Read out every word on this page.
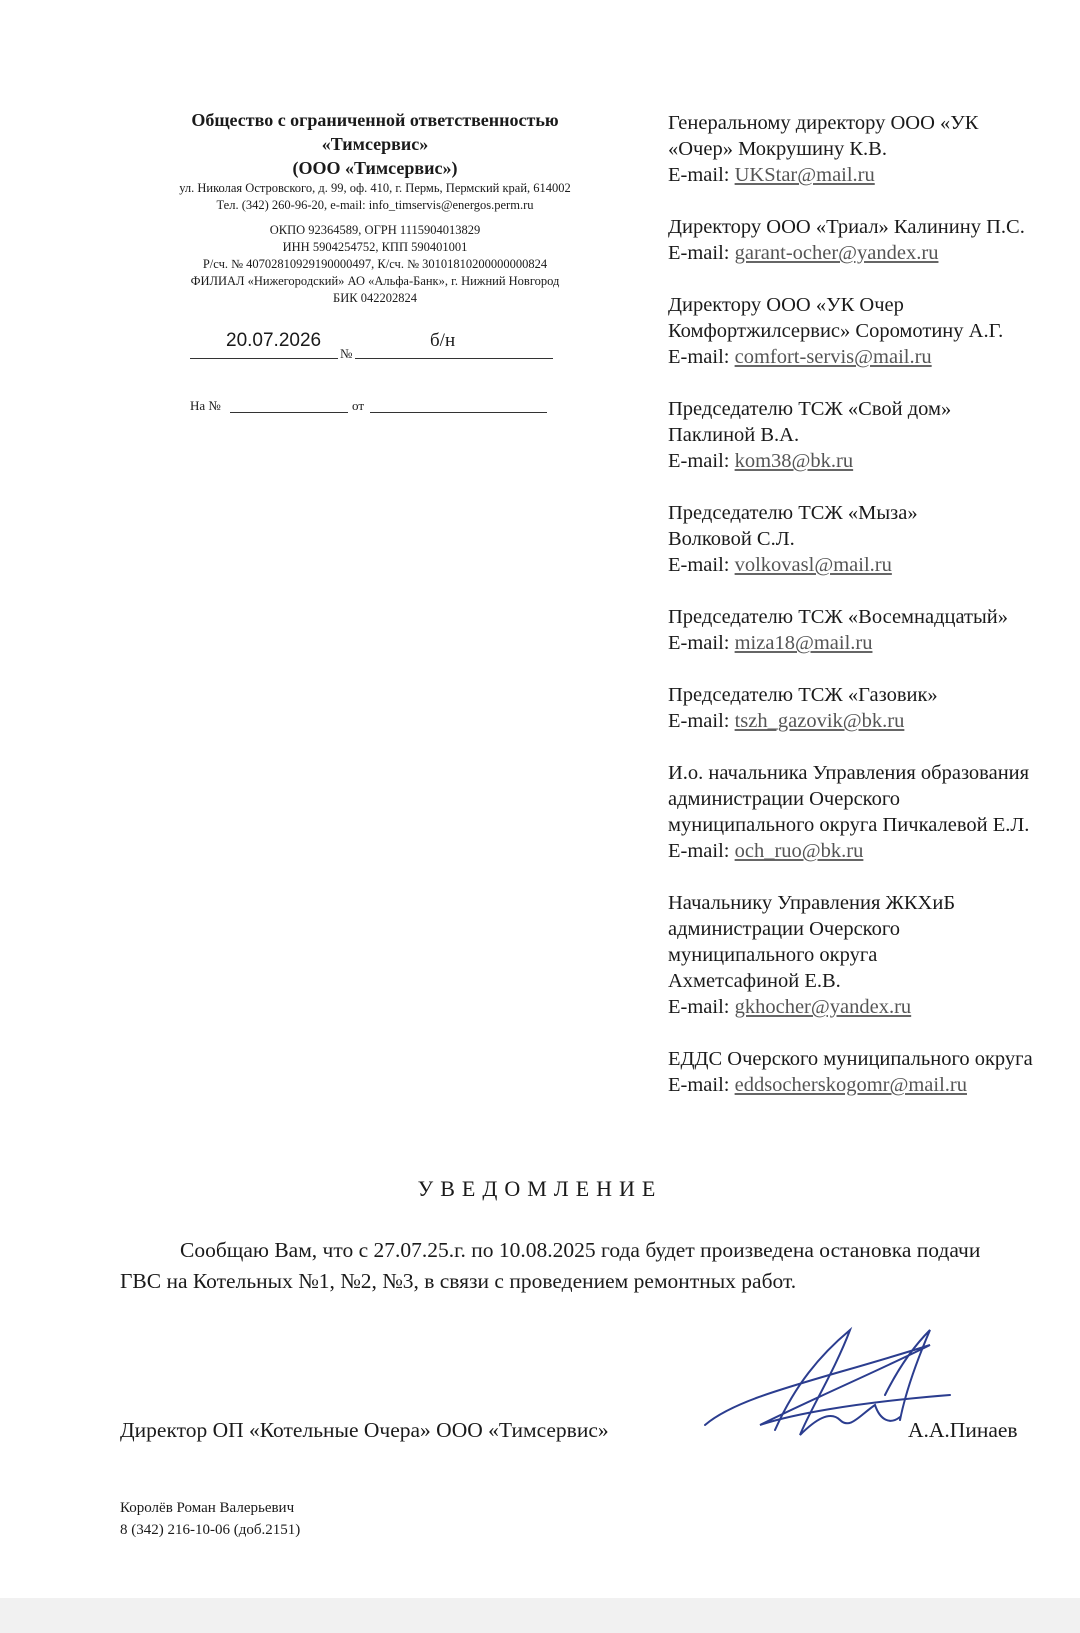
Общество с ограниченной ответственностью
«Тимсервис»
(ООО «Тимсервис»)
ул. Николая Островского, д. 99, оф. 410, г. Пермь, Пермский край, 614002
Тел. (342) 260-96-20, e-mail: info_timservis@energos.perm.ru
ОКПО 92364589, ОГРН 1115904013829
ИНН 5904254752, КПП 590401001
Р/сч. № 40702810929190000497, К/сч. № 30101810200000000824
ФИЛИАЛ «Нижегородский» АО «Альфа-Банк», г. Нижний Новгород
БИК 042202824
20.07.2026	б/н
№
На №	от
Генеральному директору ООО «УК
«Очер» Мокрушину К.В.
E-mail: UKStar@mail.ru
Директору ООО «Триал» Калинину П.С.
E-mail: garant-ocher@yandex.ru
Директору ООО «УК Очер
Комфортжилсервис» Соромотину А.Г.
E-mail: comfort-servis@mail.ru
Председателю ТСЖ «Свой дом»
Паклиной В.А.
E-mail: kom38@bk.ru
Председателю ТСЖ «Мыза»
Волковой С.Л.
E-mail: volkovasl@mail.ru
Председателю ТСЖ «Восемнадцатый»
E-mail: miza18@mail.ru
Председателю ТСЖ «Газовик»
E-mail: tszh_gazovik@bk.ru
И.о. начальника Управления образования
администрации Очерского
муниципального округа Пичкалевой Е.Л.
E-mail: och_ruo@bk.ru
Начальнику Управления ЖКХиБ
администрации Очерского
муниципального округа
Ахметсафиной Е.В.
E-mail: gkhocher@yandex.ru
ЕДДС Очерского муниципального округа
E-mail: eddsocherskogomr@mail.ru
УВЕДОМЛЕНИЕ
Сообщаю Вам, что с 27.07.25.г. по 10.08.2025 года будет произведена остановка подачи ГВС на Котельных №1, №2, №3, в связи с проведением ремонтных работ.
Директор ОП «Котельные Очера» ООО «Тимсервис»	А.А.Пинаев
Королёв Роман Валерьевич
8 (342) 216-10-06 (доб.2151)
